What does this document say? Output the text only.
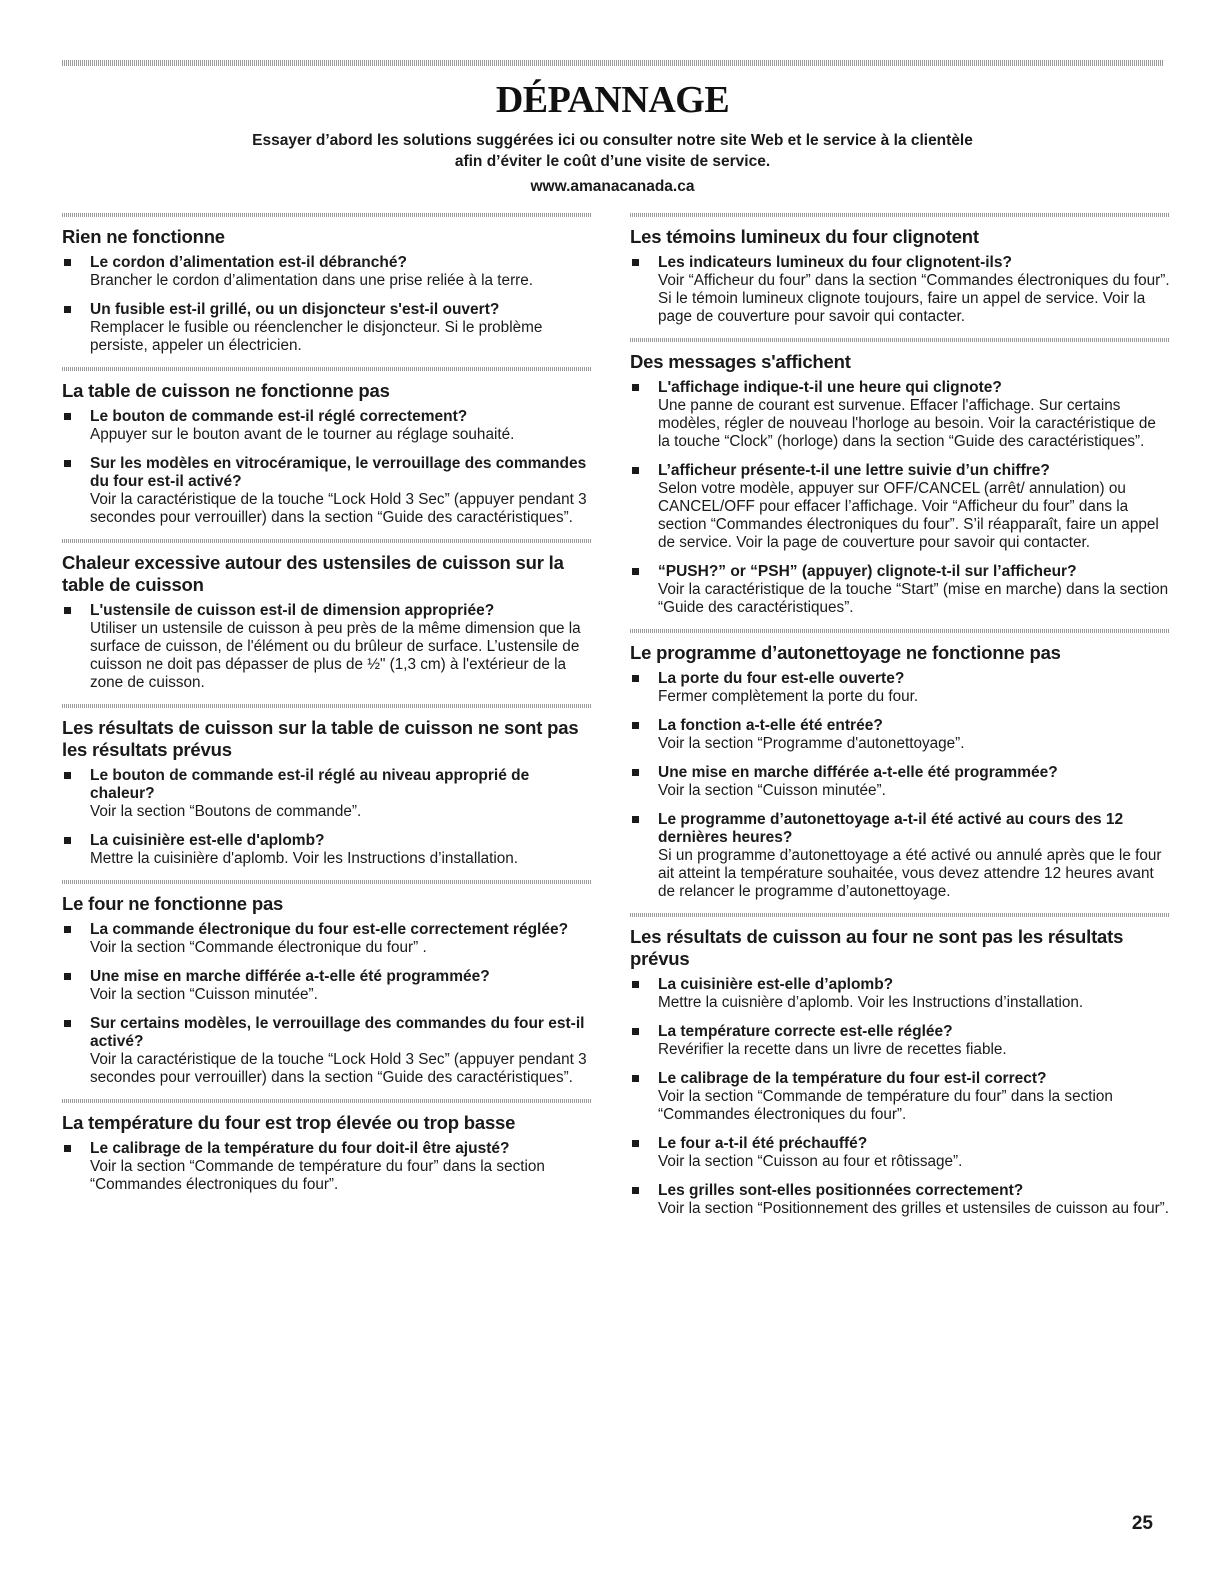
DÉPANNAGE
Essayer d’abord les solutions suggérées ici ou consulter notre site Web et le service à la clientèle
afin d’éviter le coût d’une visite de service.
www.amanacanada.ca
Rien ne fonctionne
Le cordon d’alimentation est-il débranché?
Brancher le cordon d’alimentation dans une prise reliée à la terre.
Un fusible est-il grillé, ou un disjoncteur s'est-il ouvert?
Remplacer le fusible ou réenclencher le disjoncteur. Si le problème persiste, appeler un électricien.
La table de cuisson ne fonctionne pas
Le bouton de commande est-il réglé correctement?
Appuyer sur le bouton avant de le tourner au réglage souhaité.
Sur les modèles en vitrocéramique, le verrouillage des commandes du four est-il activé?
Voir la caractéristique de la touche “Lock Hold 3 Sec” (appuyer pendant 3 secondes pour verrouiller) dans la section “Guide des caractéristiques”.
Chaleur excessive autour des ustensiles de cuisson sur la table de cuisson
L'ustensile de cuisson est-il de dimension appropriée?
Utiliser un ustensile de cuisson à peu près de la même dimension que la surface de cuisson, de l'élément ou du brûleur de surface. L’ustensile de cuisson ne doit pas dépasser de plus de ½" (1,3 cm) à l'extérieur de la zone de cuisson.
Les résultats de cuisson sur la table de cuisson ne sont pas les résultats prévus
Le bouton de commande est-il réglé au niveau approprié de chaleur?
Voir la section “Boutons de commande”.
La cuisinière est-elle d'aplomb?
Mettre la cuisinière d'aplomb. Voir les Instructions d’installation.
Le four ne fonctionne pas
La commande électronique du four est-elle correctement réglée?
Voir la section “Commande électronique du four” .
Une mise en marche différée a-t-elle été programmée?
Voir la section “Cuisson minutée”.
Sur certains modèles, le verrouillage des commandes du four est-il activé?
Voir la caractéristique de la touche “Lock Hold 3 Sec” (appuyer pendant 3 secondes pour verrouiller) dans la section “Guide des caractéristiques”.
La température du four est trop élevée ou trop basse
Le calibrage de la température du four doit-il être ajusté?
Voir la section “Commande de température du four” dans la section “Commandes électroniques du four”.
Les témoins lumineux du four clignotent
Les indicateurs lumineux du four clignotent-ils?
Voir “Afficheur du four” dans la section “Commandes électroniques du four”. Si le témoin lumineux clignote toujours, faire un appel de service. Voir la page de couverture pour savoir qui contacter.
Des messages s'affichent
L'affichage indique-t-il une heure qui clignote?
Une panne de courant est survenue. Effacer l'affichage. Sur certains modèles, régler de nouveau l'horloge au besoin. Voir la caractéristique de la touche “Clock” (horloge) dans la section “Guide des caractéristiques”.
L’afficheur présente-t-il une lettre suivie d’un chiffre?
Selon votre modèle, appuyer sur OFF/CANCEL (arrêt/ annulation) ou CANCEL/OFF pour effacer l’affichage. Voir “Afficheur du four” dans la section “Commandes électroniques du four”. S’il réapparaît, faire un appel de service. Voir la page de couverture pour savoir qui contacter.
“PUSH?” or “PSH” (appuyer) clignote-t-il sur l’afficheur?
Voir la caractéristique de la touche “Start” (mise en marche) dans la section “Guide des caractéristiques”.
Le programme d’autonettoyage ne fonctionne pas
La porte du four est-elle ouverte?
Fermer complètement la porte du four.
La fonction a-t-elle été entrée?
Voir la section “Programme d'autonettoyage”.
Une mise en marche différée a-t-elle été programmée?
Voir la section “Cuisson minutée”.
Le programme d’autonettoyage a-t-il été activé au cours des 12 dernières heures?
Si un programme d’autonettoyage a été activé ou annulé après que le four ait atteint la température souhaitée, vous devez attendre 12 heures avant de relancer le programme d’autonettoyage.
Les résultats de cuisson au four ne sont pas les résultats prévus
La cuisinière est-elle d’aplomb?
Mettre la cuisnière d’aplomb. Voir les Instructions d’installation.
La température correcte est-elle réglée?
Revérifier la recette dans un livre de recettes fiable.
Le calibrage de la température du four est-il correct?
Voir la section “Commande de température du four” dans la section “Commandes électroniques du four”.
Le four a-t-il été préchauffé?
Voir la section “Cuisson au four et rôtissage”.
Les grilles sont-elles positionnées correctement?
Voir la section “Positionnement des grilles et ustensiles de cuisson au four”.
25
